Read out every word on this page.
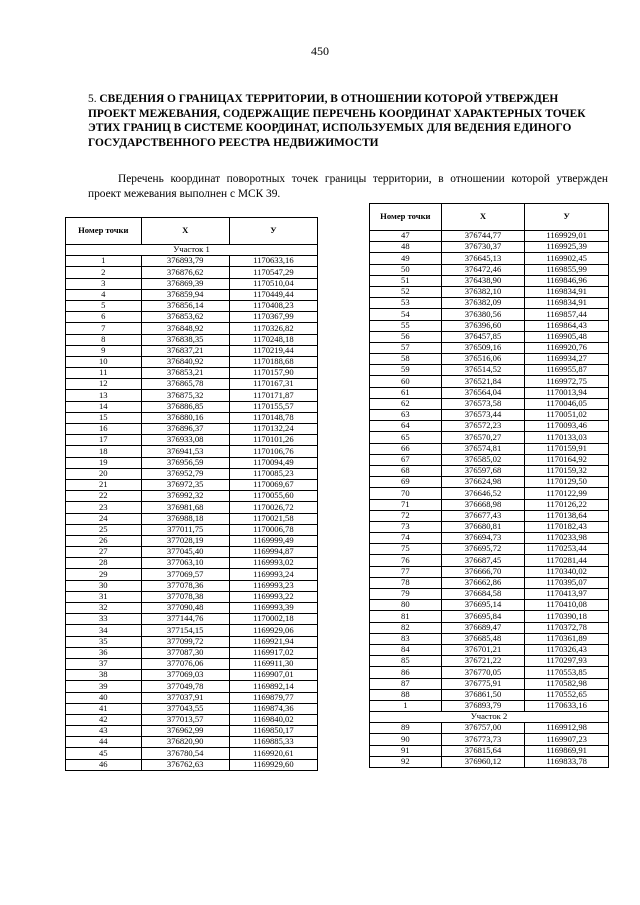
450
5. СВЕДЕНИЯ О ГРАНИЦАХ ТЕРРИТОРИИ, В ОТНОШЕНИИ КОТОРОЙ УТВЕРЖДЕН ПРОЕКТ МЕЖЕВАНИЯ, СОДЕРЖАЩИЕ ПЕРЕЧЕНЬ КООРДИНАТ ХАРАКТЕРНЫХ ТОЧЕК ЭТИХ ГРАНИЦ В СИСТЕМЕ КООРДИНАТ, ИСПОЛЬЗУЕМЫХ ДЛЯ ВЕДЕНИЯ ЕДИНОГО ГОСУДАРСТВЕННОГО РЕЕСТРА НЕДВИЖИМОСТИ
Перечень координат поворотных точек границы территории, в отношении которой утвержден проект межевания выполнен с МСК 39.
Номер точки	X	У
Участок 1		
1	376893,79	1170633,16
2	376876,62	1170547,29
3	376869,39	1170510,04
4	376859,94	1170449,44
5	376856,14	1170408,23
6	376853,62	1170367,99
7	376848,92	1170326,82
8	376838,35	1170248,18
9	376837,21	1170219,44
10	376840,92	1170188,68
11	376853,21	1170157,90
12	376865,78	1170167,31
13	376875,32	1170171,87
14	376886,85	1170155,57
15	376880,16	1170148,78
16	376896,37	1170132,24
17	376933,08	1170101,26
18	376941,53	1170106,76
19	376956,59	1170094,49
20	376952,79	1170085,23
21	376972,35	1170069,67
22	376992,32	1170055,60
23	376981,68	1170026,72
24	376988,18	1170021,58
25	377011,75	1170006,78
26	377028,19	1169999,49
27	377045,40	1169994,87
28	377063,10	1169993,02
29	377069,57	1169993,24
30	377078,36	1169993,23
31	377078,38	1169993,22
32	377090,48	1169993,39
33	377144,76	1170002,18
34	377154,15	1169929,06
35	377099,72	1169921,94
36	377087,30	1169917,02
37	377076,06	1169911,30
38	377069,03	1169907,01
39	377049,78	1169892,14
40	377037,91	1169879,77
41	377043,55	1169874,36
42	377013,57	1169840,02
43	376962,99	1169850,17
44	376820,90	1169885,33
45	376780,54	1169920,61
46	376762,63	1169929,60
Номер точки	X	У
47	376744,77	1169929,01
48	376730,37	1169925,39
49	376645,13	1169902,45
50	376472,46	1169855,99
51	376438,90	1169846,96
52	376382,10	1169834,91
53	376382,09	1169834,91
54	376380,56	1169857,44
55	376396,60	1169864,43
56	376457,85	1169905,48
57	376509,16	1169920,76
58	376516,06	1169934,27
59	376514,52	1169955,87
60	376521,84	1169972,75
61	376564,04	1170013,94
62	376573,58	1170046,05
63	376573,44	1170051,02
64	376572,23	1170093,46
65	376570,27	1170133,03
66	376574,81	1170159,91
67	376585,02	1170164,92
68	376597,68	1170159,32
69	376624,98	1170129,50
70	376646,52	1170122,99
71	376668,98	1170126,22
72	376677,43	1170138,64
73	376680,81	1170182,43
74	376694,73	1170233,98
75	376695,72	1170253,44
76	376687,45	1170281,44
77	376666,70	1170340,02
78	376662,86	1170395,07
79	376684,58	1170413,97
80	376695,14	1170410,08
81	376695,84	1170390,18
82	376689,47	1170372,78
83	376685,48	1170361,89
84	376701,21	1170326,43
85	376721,22	1170297,93
86	376770,05	1170553,85
87	376775,91	1170582,98
88	376861,50	1170552,65
1	376893,79	1170633,16
Участок 2		
89	376757,00	1169912,98
90	376773,73	1169907,23
91	376815,64	1169869,91
92	376960,12	1169833,78
